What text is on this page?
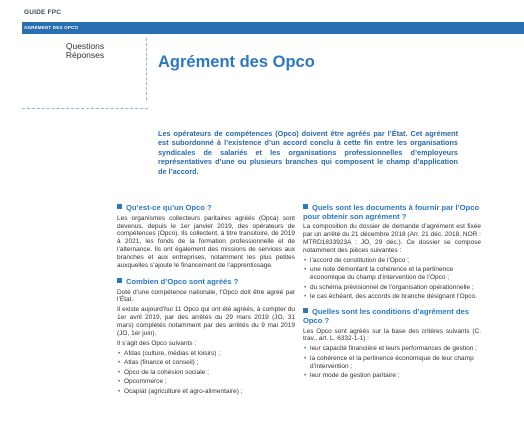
GUIDE FPC
AGRÉMENT DES OPCO
Questions Réponses	Agrément des Opco
Les opérateurs de compétences (Opco) doivent être agréés par l’État. Cet agrément est subordonné à l’existence d’un accord conclu à cette fin entre les organisations syndicales de salariés et les organisations professionnelles d’employeurs représentatives d’une ou plusieurs branches qui composent le champ d’application de l’accord.
Qu’est-ce qu’un Opco ?
Les organismes collecteurs paritaires agréés (Opca) sont devenus, depuis le 1er janvier 2019, des opérateurs de compétences (Opco). Ils collectent, à titre transitoire, de 2019 à 2021, les fonds de la formation professionnelle et de l’alternance. Ils ont également des missions de services aux branches et aux entreprises, notamment les plus petites auxquelles s’ajoute le financement de l’apprentissage.
Combien d’Opco sont agréés ?
Doté d’une compétence nationale, l’Opco doit être agréé par l’État.
Il existe aujourd’hui 11 Opco qui ont été agréés, à compter du 1er avril 2019, par des arrêtés du 29 mars 2019 (JO, 31 mars) complétés notamment par des arrêtés du 9 mai 2019 (JO, 1er juin).
Il s’agit des Opco suivants :
• Afdas (culture, médias et loisirs) ;
• Atlas (finance et conseil) ;
• Opco de la cohésion sociale ;
• Opcommerce ;
• Ocapiat (agriculture et agro-alimentaire) ;
Quels sont les documents à fournir par l’Opco pour obtenir son agrément ?
La composition du dossier de demande d’agrément est fixée par un arrêté du 21 décembre 2018 (Arr. 21 déc. 2018, NOR : MTRD1833923A : JO, 29 déc.). Ce dossier se compose notamment des pièces suivantes :
• l’accord de constitution de l’Opco ;
• une note démontant la cohérence et la pertinence économique du champ d’intervention de l’Opco ;
• du schéma prévisionnel de l’organisation opérationnelle ;
• le cas échéant, des accords de branche désignant l’Opco.
Quelles sont les conditions d’agrément des Opco ?
Les Opco sont agréés sur la base des critères suivants (C. trav., art. L. 6332-1-1) :
• leur capacité financière et leurs performances de gestion ;
• la cohérence et la pertinence économique de leur champ d’intervention ;
• leur mode de gestion paritaire ;
